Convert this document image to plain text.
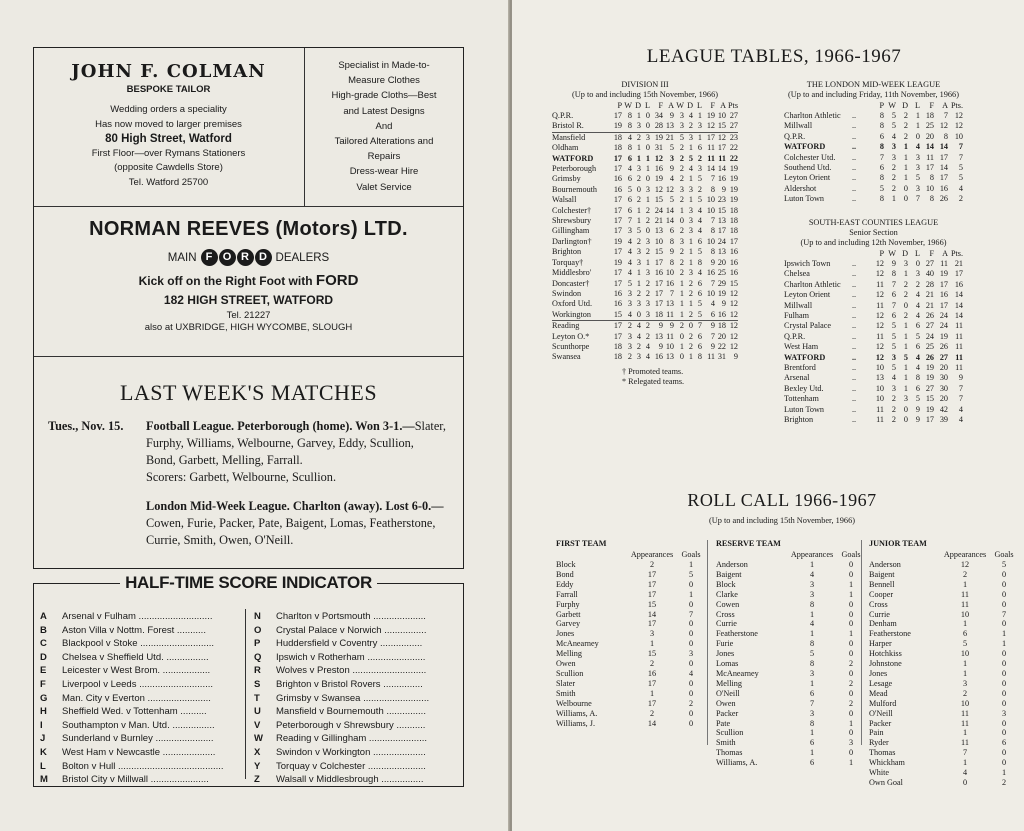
JOHN F. COLMAN
BESPOKE TAILOR
Wedding orders a speciality
Has now moved to larger premises
80 High Street, Watford
First Floor—over Rymans Stationers
(opposite Cawdells Store)
Tel. Watford 25700
Specialist in Made-to-
Measure Clothes
High-grade Cloths—Best
and Latest Designs
And
Tailored Alterations and
Repairs
Dress-wear Hire
Valet Service
NORMAN REEVES (Motors) LTD.
MAIN F O R D DEALERS
Kick off on the Right Foot with FORD
182 HIGH STREET, WATFORD
Tel. 21227
also at UXBRIDGE, HIGH WYCOMBE, SLOUGH
LAST WEEK'S MATCHES
Tues., Nov. 15.	Football League. Peterborough (home). Won 3-1.—Slater, Furphy, Williams, Welbourne, Garvey, Eddy, Scullion, Bond, Garbett, Melling, Farrall.
Scorers: Garbett, Welbourne, Scullion.
London Mid-Week League. Charlton (away). Lost 6-0.—Cowen, Furie, Packer, Pate, Baigent, Lomas, Featherstone, Currie, Smith, Owen, O'Neill.
HALF-TIME SCORE INDICATOR
A	Arsenal v Fulham ............................
B	Aston Villa v Nottm. Forest ...........
C	Blackpool v Stoke ............................
D	Chelsea v Sheffield Utd. ................
E	Leicester v West Brom. ..................
F	Liverpool v Leeds ............................
G	Man. City v Everton ........................
H	Sheffield Wed. v Tottenham ..........
I	Southampton v Man. Utd. ................
J	Sunderland v Burnley ......................
K	West Ham v Newcastle ....................
L	Bolton v Hull ........................................
M	Bristol City v Millwall ......................
N	Charlton v Portsmouth ....................
O	Crystal Palace v Norwich ................
P	Huddersfield v Coventry ................
Q	Ipswich v Rotherham ......................
R	Wolves v Preston ............................
S	Brighton v Bristol Rovers ...............
T	Grimsby v Swansea .........................
U	Mansfield v Bournemouth ...............
V	Peterborough v Shrewsbury ...........
W	Reading v Gillingham ......................
X	Swindon v Workington ....................
Y	Torquay v Colchester ......................
Z	Walsall v Middlesbrough ................
LEAGUE TABLES, 1966-1967
DIVISION III
(Up to and including 15th November, 1966)
	P	W	D	L	F	A	W	D	L	F	A	Pts
Q.P.R.	17	8	1	0	34	9	3	4	1	19	10	27
Bristol R.	19	8	3	0	28	13	3	2	3	12	15	27
Mansfield	18	4	2	3	19	21	5	3	1	17	12	23
Oldham	18	8	1	0	31	5	2	1	6	11	17	22
WATFORD	17	6	1	1	12	3	2	5	2	11	11	22
Peterborough	17	4	3	1	16	9	2	4	3	14	14	19
Grimsby	16	6	2	0	19	4	2	1	5	7	16	19
Bournemouth	16	5	0	3	12	12	3	3	2	8	9	19
Walsall	17	6	2	1	15	5	2	1	5	10	23	19
Colchester†	17	6	1	2	24	14	1	3	4	10	15	18
Shrewsbury	17	7	1	2	21	14	0	3	4	7	13	18
Gillingham	17	3	5	0	13	6	2	3	4	8	17	18
Darlington†	19	4	2	3	10	8	3	1	6	10	24	17
Brighton	17	4	3	2	15	9	2	1	5	8	13	16
Torquay†	19	4	3	1	17	8	2	1	8	9	20	16
Middlesbro'	17	4	1	3	16	10	2	3	4	16	25	16
Doncaster†	17	5	1	2	17	16	1	2	6	7	29	15
Swindon	16	3	2	2	17	7	1	2	6	10	19	12
Oxford Utd.	16	3	3	3	17	13	1	1	5	4	9	12
Workington	15	4	0	3	18	11	1	2	5	6	16	12
Reading	17	2	4	2	9	9	2	0	7	9	18	12
Leyton O.*	17	3	4	2	13	11	0	2	6	7	20	12
Scunthorpe	18	3	2	4	9	10	1	2	6	9	22	12
Swansea	18	2	3	4	16	13	0	1	8	11	31	9
† Promoted teams.
* Relegated teams.
THE LONDON MID-WEEK LEAGUE
(Up to and including Friday, 11th November, 1966)
		P	W	D	L	F	A	Pts.
Charlton Athletic	..	8	5	2	1	18	7	12
Millwall	..	8	5	2	1	25	12	12
Q.P.R.	..	6	4	2	0	20	8	10
WATFORD	..	8	3	1	4	14	14	7
Colchester Utd.	..	7	3	1	3	11	17	7
Southend Utd.	..	6	2	1	3	17	14	5
Leyton Orient	..	8	2	1	5	8	17	5
Aldershot	..	5	2	0	3	10	16	4
Luton Town	..	8	1	0	7	8	26	2
SOUTH-EAST COUNTIES LEAGUE
Senior Section
(Up to and including 12th November, 1966)
		P	W	D	L	F	A	Pts.
Ipswich Town	..	12	9	3	0	27	11	21
Chelsea	..	12	8	1	3	40	19	17
Charlton Athletic	..	11	7	2	2	28	17	16
Leyton Orient	..	12	6	2	4	21	16	14
Millwall	..	11	7	0	4	21	17	14
Fulham	..	12	6	2	4	26	24	14
Crystal Palace	..	12	5	1	6	27	24	11
Q.P.R.	..	11	5	1	5	24	19	11
West Ham	..	12	5	1	6	25	26	11
WATFORD	..	12	3	5	4	26	27	11
Brentford	..	10	5	1	4	19	20	11
Arsenal	..	13	4	1	8	19	30	9
Bexley Utd.	..	10	3	1	6	27	30	7
Tottenham	..	10	2	3	5	15	20	7
Luton Town	..	11	2	0	9	19	42	4
Brighton	..	11	2	0	9	17	39	4
ROLL CALL 1966-1967
(Up to and including 15th November, 1966)
FIRST TEAM		
	Appearances	Goals
Block	2	1
Bond	17	5
Eddy	17	0
Farrall	17	1
Furphy	15	0
Garbett	14	7
Garvey	17	0
Jones	3	0
McAnearney	1	0
Melling	15	3
Owen	2	0
Scullion	16	4
Slater	17	0
Smith	1	0
Welbourne	17	2
Williams, A.	2	0
Williams, J.	14	0
RESERVE TEAM		
	Appearances	Goals
Anderson	1	0
Baigent	4	0
Block	3	1
Clarke	3	1
Cowen	8	0
Cross	1	0
Currie	4	0
Featherstone	1	1
Furie	8	0
Jones	5	0
Lomas	8	2
McAnearney	3	0
Melling	1	2
O'Neill	6	0
Owen	7	2
Packer	3	0
Pate	8	1
Scullion	1	0
Smith	6	3
Thomas	1	0
Williams, A.	6	1
JUNIOR TEAM		
	Appearances	Goals
Anderson	12	5
Baigent	2	0
Bennell	1	0
Cooper	11	0
Cross	11	0
Currie	10	7
Denham	1	0
Featherstone	6	1
Harper	5	1
Hotchkiss	10	0
Johnstone	1	0
Jones	1	0
Lesage	3	0
Mead	2	0
Mulford	10	0
O'Neill	11	3
Packer	11	0
Pain	1	0
Ryder	11	6
Thomas	7	0
Whickham	1	0
White	4	1
Own Goal	0	2
